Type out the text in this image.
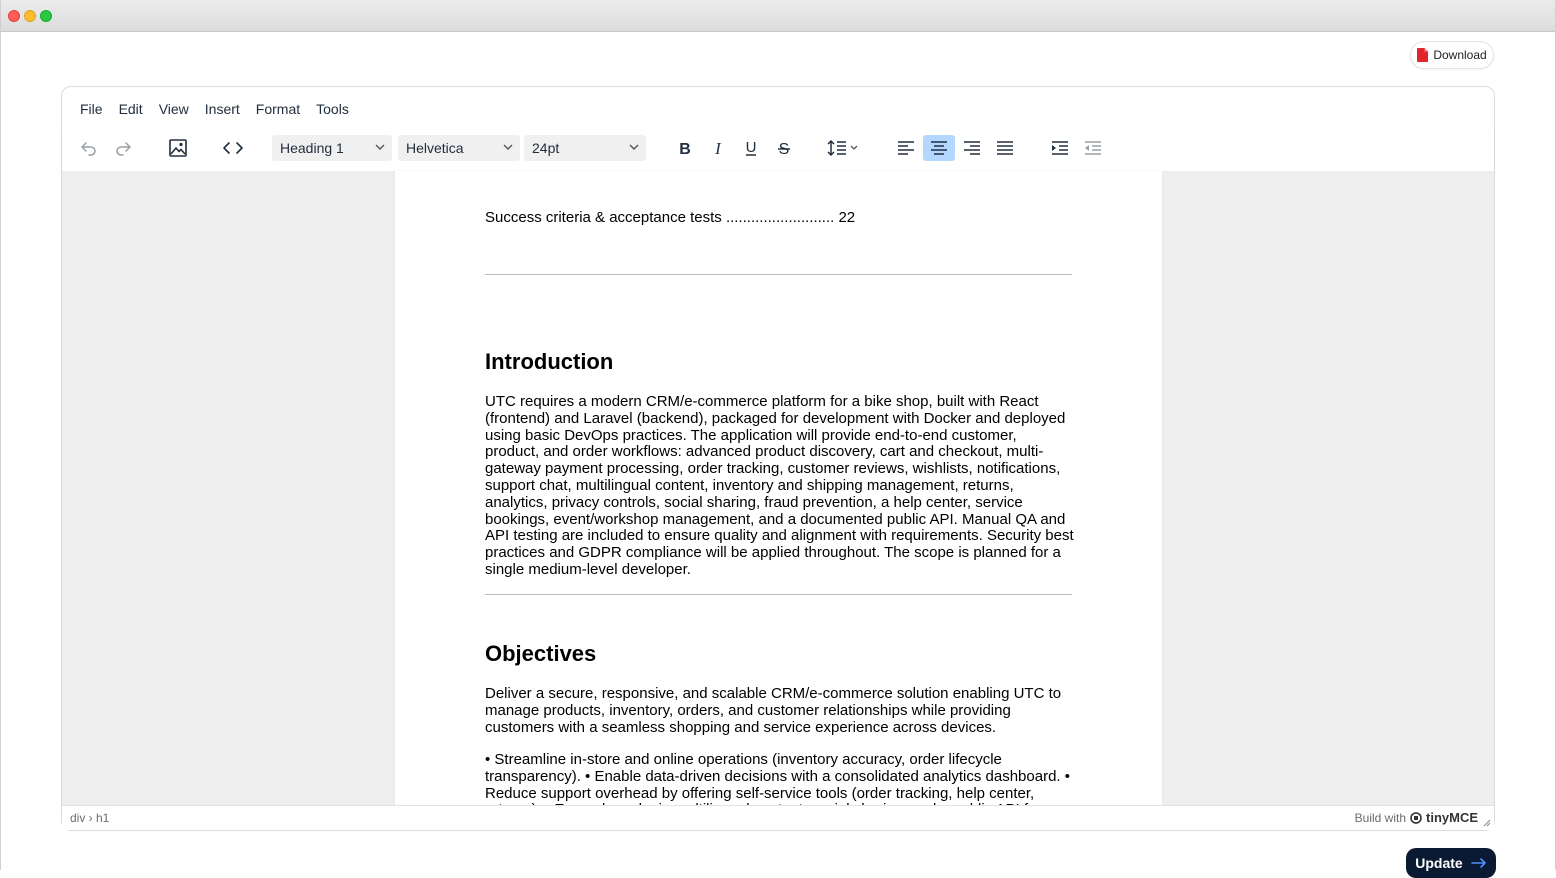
Download
File	Edit	View	Insert	Format	Tools
Heading 1	Helvetica	24pt	B I U S
Success criteria & acceptance tests .......................... 22
Introduction
UTC requires a modern CRM/e-commerce platform for a bike shop, built with React (frontend) and Laravel (backend), packaged for development with Docker and deployed using basic DevOps practices. The application will provide end-to-end customer, product, and order workflows: advanced product discovery, cart and checkout, multi-gateway payment processing, order tracking, customer reviews, wishlists, notifications, support chat, multilingual content, inventory and shipping management, returns, analytics, privacy controls, social sharing, fraud prevention, a help center, service bookings, event/workshop management, and a documented public API. Manual QA and API testing are included to ensure quality and alignment with requirements. Security best practices and GDPR compliance will be applied throughout. The scope is planned for a single medium-level developer.
Objectives
Deliver a secure, responsive, and scalable CRM/e-commerce solution enabling UTC to manage products, inventory, orders, and customer relationships while providing customers with a seamless shopping and service experience across devices.
• Streamline in-store and online operations (inventory accuracy, order lifecycle transparency). • Enable data-driven decisions with a consolidated analytics dashboard. • Reduce support overhead by offering self-service tools (order tracking, help center,
div › h1	Build with tinyMCE
Update
